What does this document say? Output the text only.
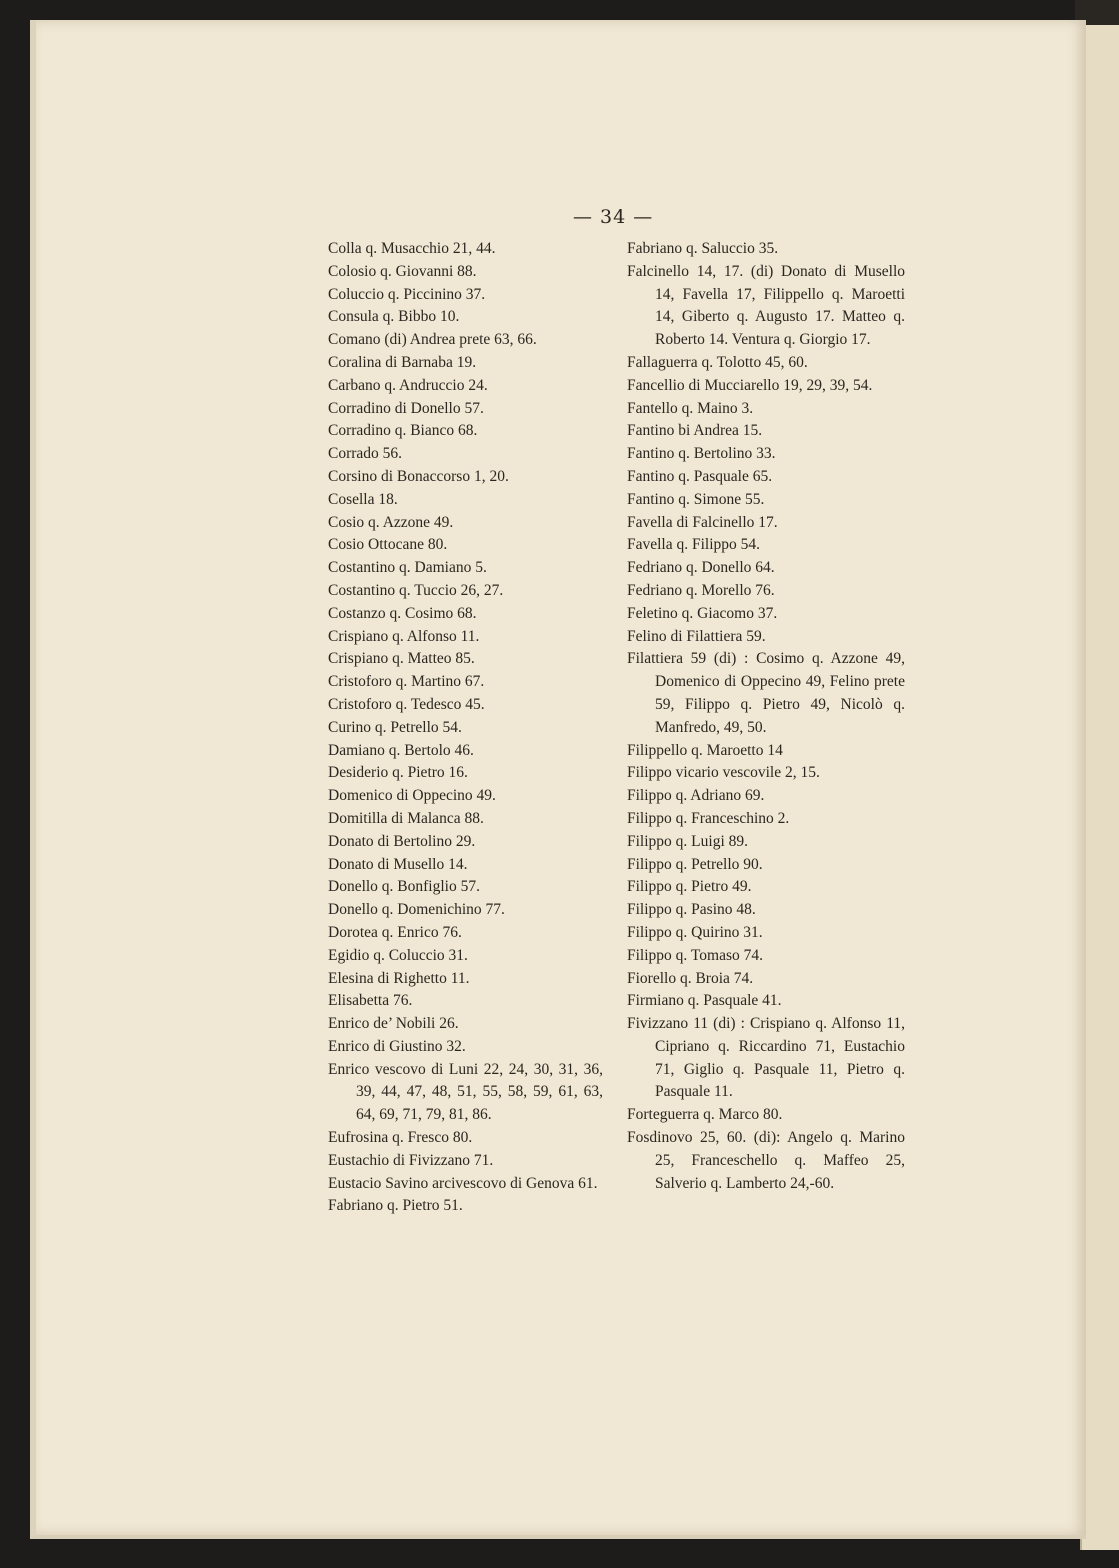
— 34 —

Colla q. Musacchio 21, 44.

Colosio q. Giovanni 88.

Coluccio q. Piccinino 37.

Consula q. Bibbo 10.

Comano (di) Andrea prete 63, 66.

Coralina di Barnaba 19.

Carbano q. Andruccio 24.

Corradino di Donello 57.

Corradino q. Bianco 68.

Corrado 56.

Corsino di Bonaccorso 1, 20.

Cosella 18.

Cosio q. Azzone 49.

Cosio Ottocane 80.

Costantino q. Damiano 5.

Costantino q. Tuccio 26, 27.

Costanzo q. Cosimo 68.

Crispiano q. Alfonso 11.

Crispiano q. Matteo 85.

Cristoforo q. Martino 67.

Cristoforo q. Tedesco 45.

Curino q. Petrello 54.

Damiano q. Bertolo 46.

Desiderio q. Pietro 16.

Domenico di Oppecino 49.

Domitilla di Malanca 88.

Donato di Bertolino 29.

Donato di Musello 14.

Donello q. Bonfiglio 57.

Donello q. Domenichino 77.

Dorotea q. Enrico 76.

Egidio q. Coluccio 31.

Elesina di Righetto 11.

Elisabetta 76.

Enrico de’ Nobili 26.

Enrico di Giustino 32.

Enrico vescovo di Luni 22, 24, 30, 31, 36, 39, 44, 47, 48, 51, 55, 58, 59, 61, 63, 64, 69, 71, 79, 81, 86.

Eufrosina q. Fresco 80.

Eustachio di Fivizzano 71.

Eustacio Savino arcivescovo di Genova 61.

Fabriano q. Pietro 51.

Fabriano q. Saluccio 35.

Falcinello 14, 17. (di) Donato di Musello 14, Favella 17, Filippello q. Maroetti 14, Giberto q. Augusto 17. Matteo q. Roberto 14. Ventura q. Giorgio 17.

Fallaguerra q. Tolotto 45, 60.

Fancellio di Mucciarello 19, 29, 39, 54.

Fantello q. Maino 3.

Fantino bi Andrea 15.

Fantino q. Bertolino 33.

Fantino q. Pasquale 65.

Fantino q. Simone 55.

Favella di Falcinello 17.

Favella q. Filippo 54.

Fedriano q. Donello 64.

Fedriano q. Morello 76.

Feletino q. Giacomo 37.

Felino di Filattiera 59.

Filattiera 59 (di) : Cosimo q. Azzone 49, Domenico di Oppecino 49, Felino prete 59, Filippo q. Pietro 49, Nicolò q. Manfredo, 49, 50.

Filippello q. Maroetto 14

Filippo vicario vescovile 2, 15.

Filippo q. Adriano 69.

Filippo q. Franceschino 2.

Filippo q. Luigi 89.

Filippo q. Petrello 90.

Filippo q. Pietro 49.

Filippo q. Pasino 48.

Filippo q. Quirino 31.

Filippo q. Tomaso 74.

Fiorello q. Broia 74.

Firmiano q. Pasquale 41.

Fivizzano 11 (di) : Crispiano q. Alfonso 11, Cipriano q. Riccardino 71, Eustachio 71, Giglio q. Pasquale 11, Pietro q. Pasquale 11.

Forteguerra q. Marco 80.

Fosdinovo 25, 60. (di): Angelo q. Marino 25, Franceschello q. Maffeo 25, Salverio q. Lamberto 24,-60.
